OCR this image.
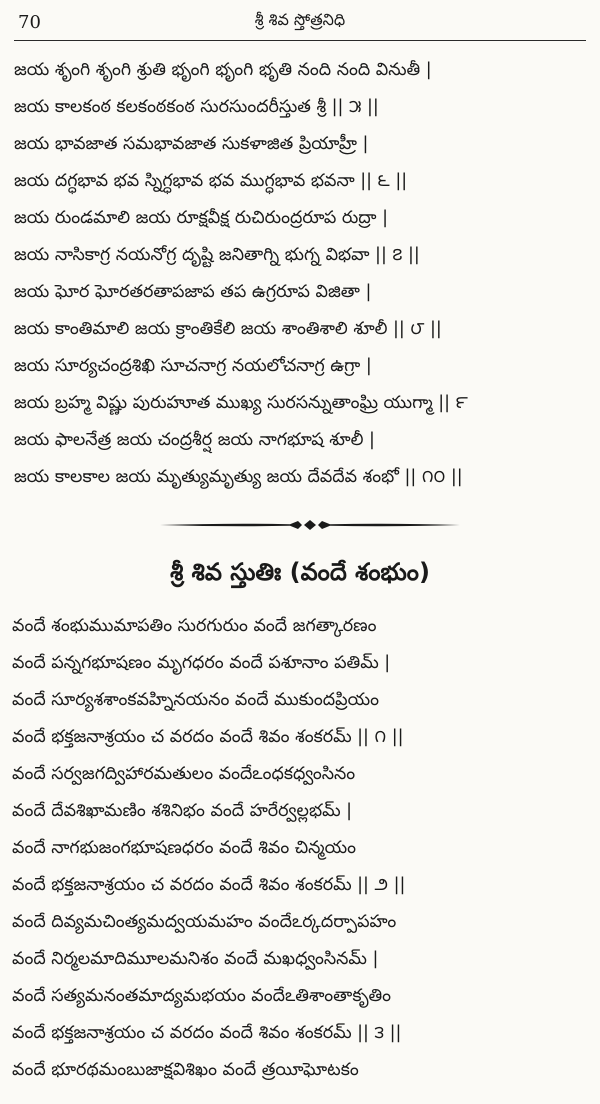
70	శ్రీ శివ స్తోత్రనిధి
జయ శృంగి శృంగి శ్రుతి భృంగి భృంగి భృతి నంది నంది వినుతీ |
జయ కాలకంఠ కలకంఠకంఠ సురసుందరీస్తుత శ్రీ || ౫ ||
జయ భావజాత సమభావజాత సుకళాజిత ప్రియాహ్రీ |
జయ దగ్ధభావ భవ స్నిగ్ధభావ భవ ముగ్ధభావ భవనా || ౬ ||
జయ రుండమాలి జయ రూక్షవీక్ష రుచిరుంద్రరూప రుద్రా |
జయ నాసికాగ్ర నయనోగ్ర దృష్టి జనితాగ్ని భుగ్న విభవా || ౭ ||
జయ ఘోర ఘోరతరతాపజాప తప ఉగ్రరూప విజితా |
జయ కాంతిమాలి జయ క్రాంతికేలి జయ శాంతిశాలి శూలీ || ౮ ||
జయ సూర్యచంద్రశిఖి సూచనాగ్ర నయలోచనాగ్ర ఉగ్రా |
జయ బ్రహ్మ విష్ణు పురుహూత ముఖ్య సురసన్నుతాంఘ్రి యుగ్మా || ౯
జయ ఫాలనేత్ర జయ చంద్రశీర్ష జయ నాగభూష శూలీ |
జయ కాలకాల జయ మృత్యుమృత్యు జయ దేవదేవ శంభో || ౧౦ ||
శ్రీ శివ స్తుతిః (వందే శంభుం)
వందే శంభుముమాపతిం సురగురుం వందే జగత్కారణం
వందే పన్నగభూషణం మృగధరం వందే పశూనాం పతిమ్ |
వందే సూర్యశశాంకవహ్నినయనం వందే ముకుందప్రియం
వందే భక్తజనాశ్రయం చ వరదం వందే శివం శంకరమ్ || ౧ ||
వందే సర్వజగద్విహారమతులం వందేఽంధకధ్వంసినం
వందే దేవశిఖామణిం శశినిభం వందే హరేర్వల్లభమ్ |
వందే నాగభుజంగభూషణధరం వందే శివం చిన్మయం
వందే భక్తజనాశ్రయం చ వరదం వందే శివం శంకరమ్ || ౨ ||
వందే దివ్యమచింత్యమద్వయమహం వందేఽర్కదర్పాపహం
వందే నిర్మలమాదిమూలమనిశం వందే మఖధ్వంసినమ్ |
వందే సత్యమనంతమాద్యమభయం వందేఽతిశాంతాకృతిం
వందే భక్తజనాశ్రయం చ వరదం వందే శివం శంకరమ్ || ౩ ||
వందే భూరథమంబుజాక్షవిశిఖం వందే త్రయీఘోటకం
